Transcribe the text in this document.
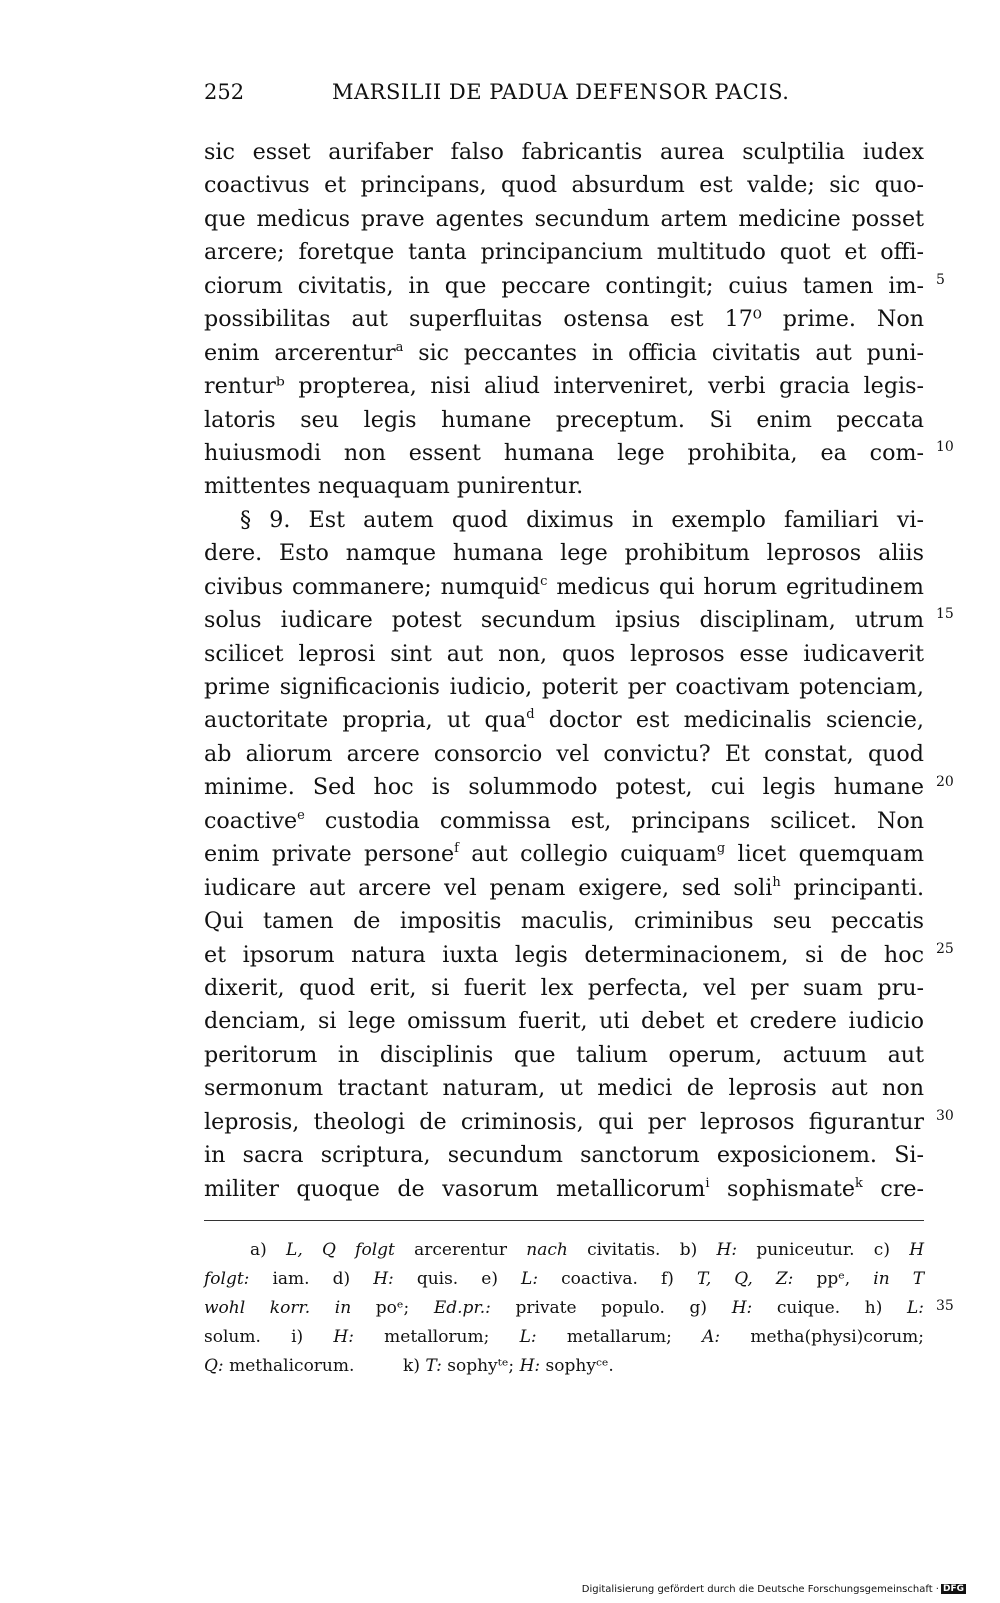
252	MARSILII DE PADUA DEFENSOR PACIS.
sic esset aurifaber falso fabricantis aurea sculptilia iudex
coactivus et principans, quod absurdum est valde; sic quo-
que medicus prave agentes secundum artem medicine posset
arcere; foretque tanta principancium multitudo quot et offi-
ciorum civitatis, in que peccare contingit; cuius tamen im-
possibilitas aut superfluitas ostensa est 17⁰ prime. Non
enim arcerentur$^a$ sic peccantes in officia civitatis aut puni-
renturᵇ propterea, nisi aliud interveniret, verbi gracia legis-
latoris seu legis humane preceptum. Si enim peccata
huiusmodi non essent humana lege prohibita, ea com-
mittentes nequaquam punirentur.
§ 9. Est autem quod diximus in exemplo familiari vi-
dere. Esto namque humana lege prohibitum leprosos aliis
civibus commanere; numquid$^c$ medicus qui horum egritudinem
solus iudicare potest secundum ipsius disciplinam, utrum
scilicet leprosi sint aut non, quos leprosos esse iudicaverit
prime significacionis iudicio, poterit per coactivam potenciam,
auctoritate propria, ut qua$^d$ doctor est medicinalis sciencie,
ab aliorum arcere consorcio vel convictu? Et constat, quod
minime. Sed hoc is solummodo potest, cui legis humane
coactive$^e$ custodia commissa est, principans scilicet. Non
enim private persone$^f$ aut collegio cuiquam$^g$ licet quemquam
iudicare aut arcere vel penam exigere, sed soli$^h$ principanti.
Qui tamen de impositis maculis, criminibus seu peccatis
et ipsorum natura iuxta legis determinacionem, si de hoc
dixerit, quod erit, si fuerit lex perfecta, vel per suam pru-
denciam, si lege omissum fuerit, uti debet et credere iudicio
peritorum in disciplinis que talium operum, actuum aut
sermonum tractant naturam, ut medici de leprosis aut non
leprosis, theologi de criminosis, qui per leprosos figurantur
in sacra scriptura, secundum sanctorum exposicionem. Si-
militer quoque de vasorum metallicorum$^i$ sophismate$^k$ cre-
5
10
15
20
25
30
35
a) L, Q folgt arcerentur nach civitatis. b) H: puniceutur. c) H
folgt: iam. d) H: quis. e) L: coactiva. f) T, Q, Z: ppᵉ, in T
wohl korr. in poᵉ; Ed.pr.: private populo. g) H: cuique. h) L:
solum. i) H: metallorum; L: metallarum; A: metha(physi)corum;
Q: methalicorum.	k) T: sophyᵗᵉ; H: sophyᶜᵉ.
Digitalisierung gefördert durch die Deutsche Forschungsgemeinschaft · DFG
